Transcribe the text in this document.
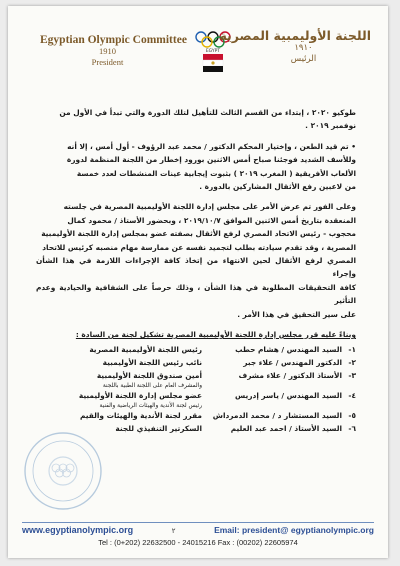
Egyptian Olympic Committee
1910
President
EGYPT
اللجنة الأوليمبية المصرية
١٩١٠
الرئيس

طوكيو ٢٠٢٠ ، إبتداء من القسم الثالث للتأهيل لتلك الدورة والتي تبدأ في الأول من
نوفمبر ٢٠١٩ .

• تم قيد الطعن ، وإختيار المحكم الدكتور / محمد عبد الرؤوف - أول أمس ، إلا أنه
وللأسف الشديد فوجئنا صباح أمس الاثنين بورود إخطار من اللجنة المنظمة لدورة
الألعاب الأفريقية ( المغرب ٢٠١٩ ) بثبوت إيجابية عينات المنشطات لعدد خمسة
من لاعبين رفع الأثقال المشاركين بالدورة .

وعلى الفور تم عرض الأمر على مجلس إدارة اللجنة الأوليمبية المصرية في جلسته
المنعقدة بتاريخ أمس الاثنين الموافق ٢٠١٩/١٠/٧ ، وبحضور الأستاذ / محمود كمال
محجوب - رئيس الاتحاد المصري لرفع الأثقال بصفته عضو بمجلس إدارة اللجنة الأوليمبية
المصرية ، وقد تقدم سيادته بطلب لتجميد نفسه عن ممارسة مهام منصبه كرئيس للاتحاد
المصري لرفع الأثقال لحين الانتهاء من إتخاذ كافة الإجراءات اللازمة في هذا الشأن وإجراء
كافة التحقيقات المطلوبة في هذا الشأن ، وذلك حرصاً على الشفافية والحيادية وعدم التأثير
على سير التحقيق في هذا الأمر .

وبناءً عليه قرر مجلس إدارة اللجنة الأوليمبية المصرية تشكيل لجنة من السادة :
١-
السيد المهندس / هشام حطب
رئيس اللجنة الأوليمبية المصرية
٢-
الدكتور المهندس / علاء جبر
نائب رئيس اللجنة الأوليمبية
٣-
الأستاذ الدكتور / علاء مشرف
أمين صندوق اللجنة الأوليمبية
والمشرف العام على اللجنة الطبية باللجنة
٤-
السيد المهندس / ياسر إدريس
عضو مجلس إدارة اللجنة الأوليمبية
رئيس لجنة الأندية والهيئات الرياضية والفنية
٥-
السيد المستشار د / محمد الدمرداش
مقرر لجنة الأندية والهيئات والقيم
٦-
السيد الأستاذ / احمد عبد العليم
السكرتير التنفيذي للجنة
www.egyptianolympic.org	٢	Email: president@ egyptianolympic.org
Tel : (0+202) 22632500 - 24015216 Fax : (00202) 22605974
